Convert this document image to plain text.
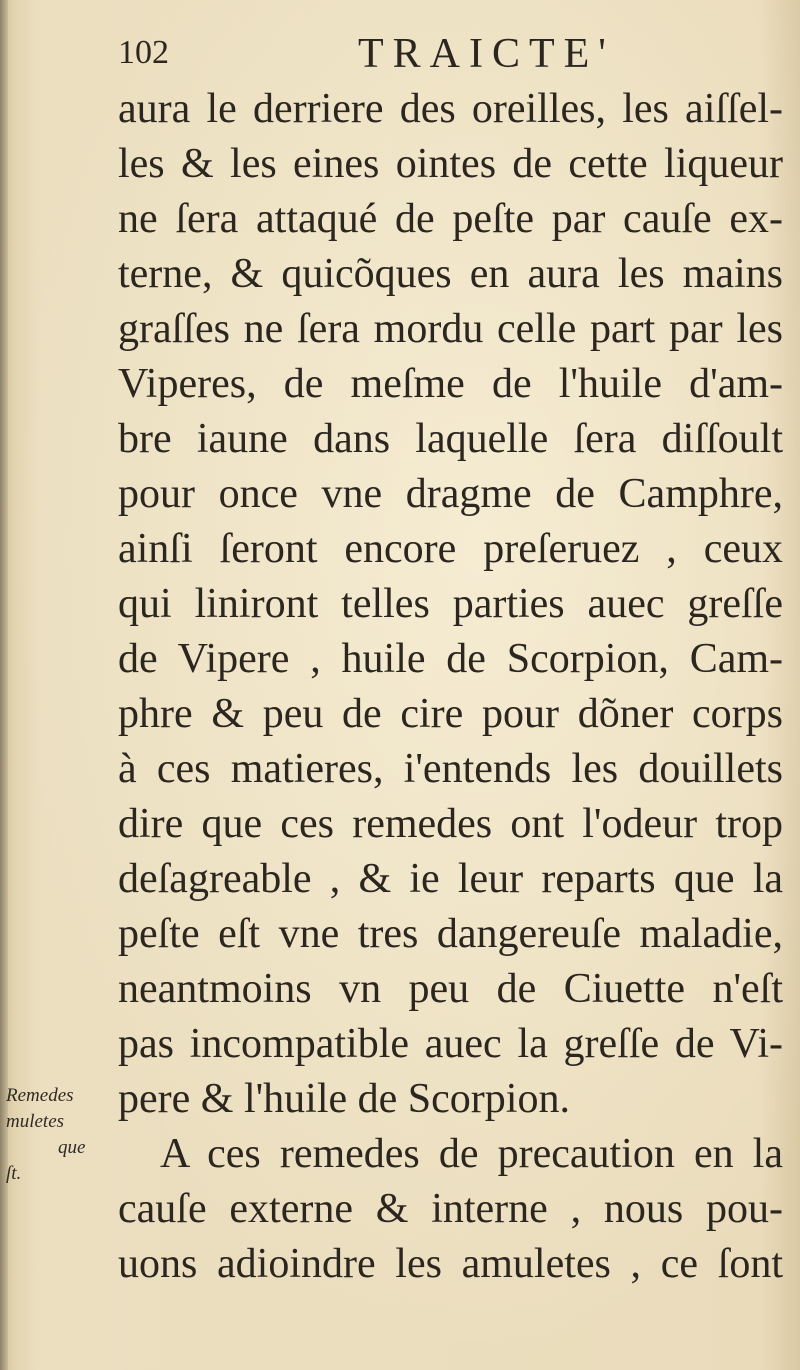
102	TRAICTE'
aura le derriere des oreilles, les aiſſel-
les & les eines ointes de cette liqueur
ne ſera attaqué de peſte par cauſe ex-
terne, & quicõques en aura les mains
graſſes ne ſera mordu celle part par les
Viperes, de meſme de l'huile d'am-
bre iaune dans laquelle ſera diſſoult
pour once vne dragme de Camphre,
ainſi ſeront encore preſeruez , ceux
qui liniront telles parties auec greſſe
de Vipere , huile de Scorpion, Cam-
phre & peu de cire pour dõner corps
à ces matieres, i'entends les douillets
dire que ces remedes ont l'odeur trop
deſagreable , & ie leur reparts que la
peſte eſt vne tres dangereuſe maladie,
neantmoins vn peu de Ciuette n'eſt
pas incompatible auec la greſſe de Vi-
pere & l'huile de Scorpion.
A ces remedes de precaution en la
cauſe externe & interne , nous pou-
uons adioindre les amuletes , ce ſont
Remedes
muletes
que
ſt.
